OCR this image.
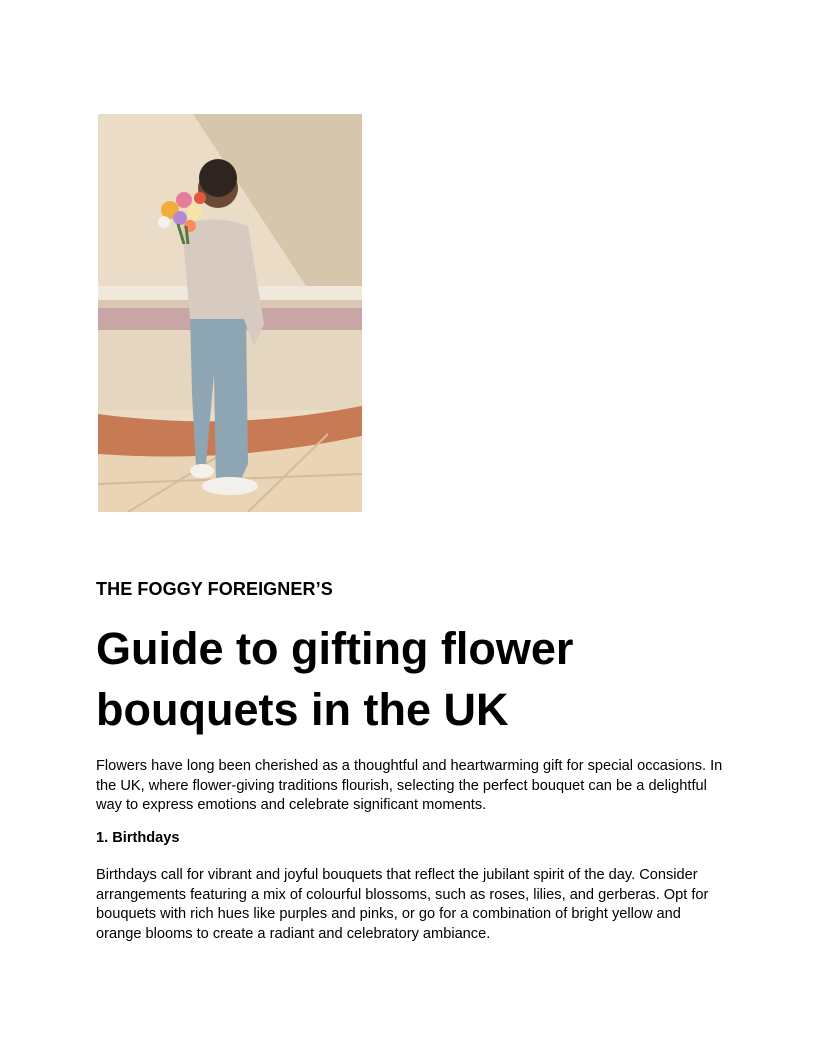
THE FOGGY FOREIGNER’S
Guide to gifting flower bouquets in the UK

Flowers have long been cherished as a thoughtful and heartwarming gift for special occasions. In the UK, where flower-giving traditions flourish, selecting the perfect bouquet can be a delightful way to express emotions and celebrate significant moments.

1. Birthdays

Birthdays call for vibrant and joyful bouquets that reflect the jubilant spirit of the day. Consider arrangements featuring a mix of colourful blossoms, such as roses, lilies, and gerberas. Opt for bouquets with rich hues like purples and pinks, or go for a combination of bright yellow and orange blooms to create a radiant and celebratory ambiance.
